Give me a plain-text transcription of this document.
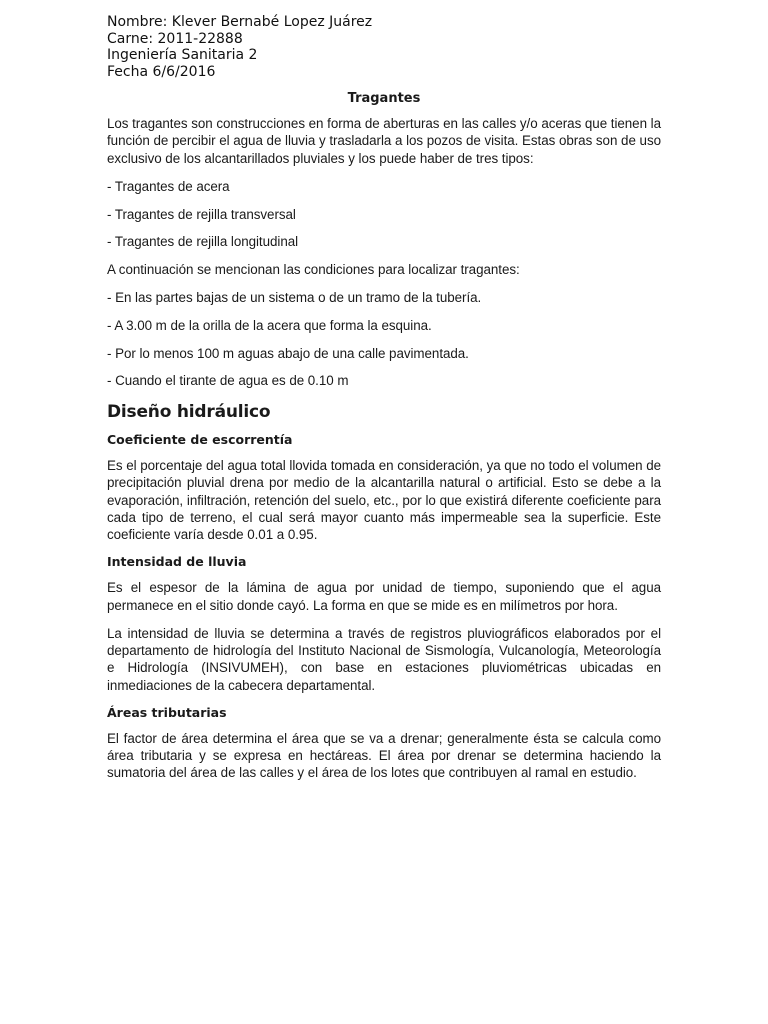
Nombre: Klever Bernabé Lopez Juárez
Carne: 2011-22888
Ingeniería Sanitaria 2
Fecha 6/6/2016
Tragantes

Los tragantes son construcciones en forma de aberturas en las calles y/o aceras que tienen la función de percibir el agua de lluvia y trasladarla a los pozos de visita. Estas obras son de uso exclusivo de los alcantarillados pluviales y los puede haber de tres tipos:

- Tragantes de acera

- Tragantes de rejilla transversal

- Tragantes de rejilla longitudinal

A continuación se mencionan las condiciones para localizar tragantes:

- En las partes bajas de un sistema o de un tramo de la tubería.

- A 3.00 m de la orilla de la acera que forma la esquina.

- Por lo menos 100 m aguas abajo de una calle pavimentada.

- Cuando el tirante de agua es de 0.10 m

Diseño hidráulico
Coeficiente de escorrentía

Es el porcentaje del agua total llovida tomada en consideración, ya que no todo el volumen de precipitación pluvial drena por medio de la alcantarilla natural o artificial. Esto se debe a la evaporación, infiltración, retención del suelo, etc., por lo que existirá diferente coeficiente para cada tipo de terreno, el cual será mayor cuanto más impermeable sea la superficie. Este coeficiente varía desde 0.01 a 0.95.

Intensidad de lluvia

Es el espesor de la lámina de agua por unidad de tiempo, suponiendo que el agua permanece en el sitio donde cayó. La forma en que se mide es en milímetros por hora.

La intensidad de lluvia se determina a través de registros pluviográficos elaborados por el departamento de hidrología del Instituto Nacional de Sismología, Vulcanología, Meteorología e Hidrología (INSIVUMEH), con base en estaciones pluviométricas ubicadas en inmediaciones de la cabecera departamental.

Áreas tributarias

El factor de área determina el área que se va a drenar; generalmente ésta se calcula como área tributaria y se expresa en hectáreas. El área por drenar se determina haciendo la sumatoria del área de las calles y el área de los lotes que contribuyen al ramal en estudio.
